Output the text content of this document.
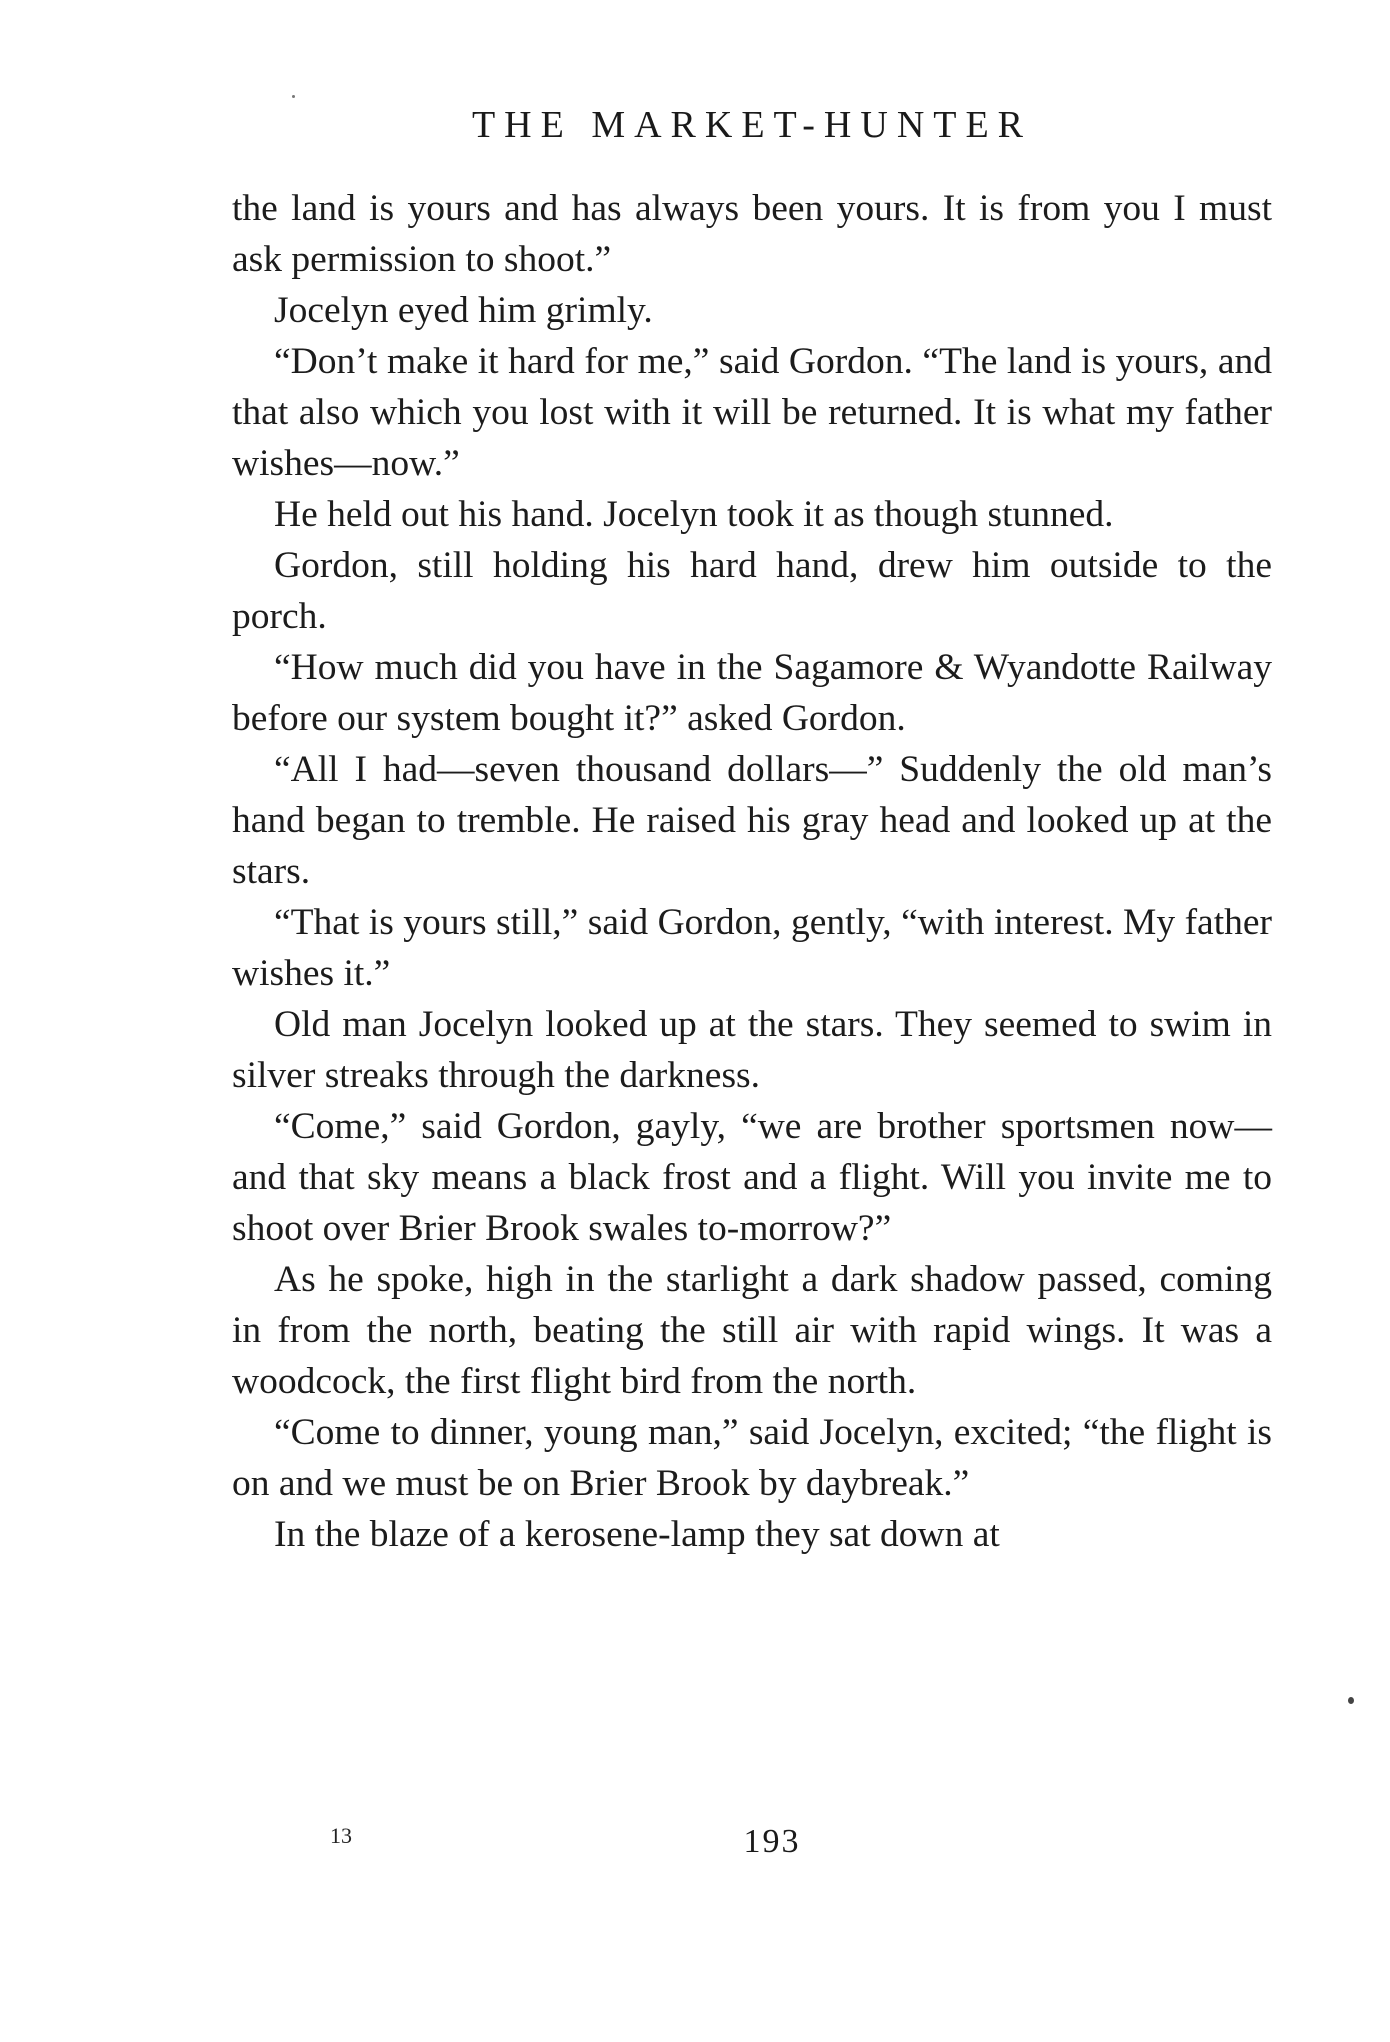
THE MARKET-HUNTER

the land is yours and has always been yours. It is from you I must ask permission to shoot.”

Jocelyn eyed him grimly.

“Don’t make it hard for me,” said Gordon. “The land is yours, and that also which you lost with it will be returned. It is what my father wishes—now.”

He held out his hand. Jocelyn took it as though stunned.

Gordon, still holding his hard hand, drew him outside to the porch.

“How much did you have in the Sagamore & Wyandotte Railway before our system bought it?” asked Gordon.

“All I had—seven thousand dollars—” Suddenly the old man’s hand began to tremble. He raised his gray head and looked up at the stars.

“That is yours still,” said Gordon, gently, “with interest. My father wishes it.”

Old man Jocelyn looked up at the stars. They seemed to swim in silver streaks through the darkness.

“Come,” said Gordon, gayly, “we are brother sportsmen now—and that sky means a black frost and a flight. Will you invite me to shoot over Brier Brook swales to-morrow?”

As he spoke, high in the starlight a dark shadow passed, coming in from the north, beating the still air with rapid wings. It was a woodcock, the first flight bird from the north.

“Come to dinner, young man,” said Jocelyn, excited; “the flight is on and we must be on Brier Brook by daybreak.”

In the blaze of a kerosene-lamp they sat down at

13	193
